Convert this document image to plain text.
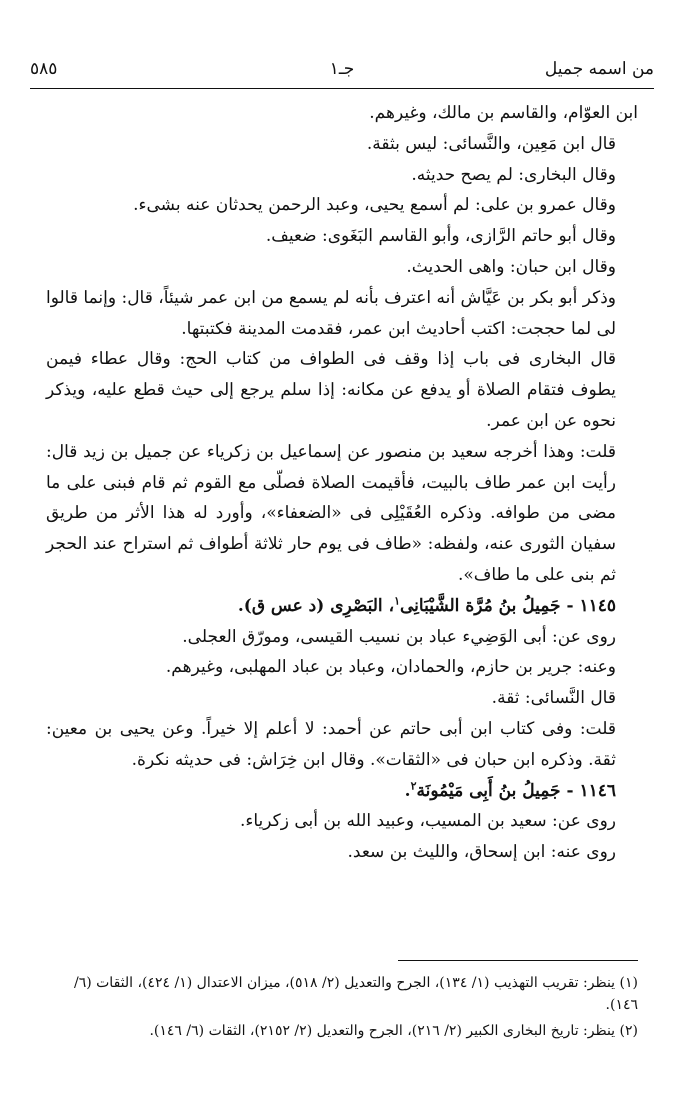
من اسمه جميل
جـ١
٥٨٥

ابن العوّام، والقاسم بن مالك، وغيرهم.

قال ابن مَعِين، والنَّسائى: ليس بثقة.

وقال البخارى: لم يصح حديثه.

وقال عمرو بن على: لم أسمع يحيى، وعبد الرحمن يحدثان عنه بشىء.

وقال أبو حاتم الرَّازى، وأبو القاسم البَغَوى: ضعيف.

وقال ابن حبان: واهى الحديث.

وذكر أبو بكر بن عَيَّاش أنه اعترف بأنه لم يسمع من ابن عمر شيئاً، قال: وإنما قالوا لى لما حججت: اكتب أحاديث ابن عمر، فقدمت المدينة فكتبتها.

قال البخارى فى باب إذا وقف فى الطواف من كتاب الحج: وقال عطاء فيمن يطوف فتقام الصلاة أو يدفع عن مكانه: إذا سلم يرجع إلى حيث قطع عليه، ويذكر نحوه عن ابن عمر.

قلت: وهذا أخرجه سعيد بن منصور عن إسماعيل بن زكرياء عن جميل بن زيد قال: رأيت ابن عمر طاف بالبيت، فأقيمت الصلاة فصلّى مع القوم ثم قام فبنى على ما مضى من طوافه. وذكره العُقَيْلِى فى «الضعفاء»، وأورد له هذا الأثر من طريق سفيان الثورى عنه، ولفظه: «طاف فى يوم حار ثلاثة أطواف ثم استراح عند الحجر ثم بنى على ما طاف».

١١٤٥ - جَمِيلُ بنُ مُرَّة الشَّيْبَانِى$^١$، البَصْرِى (د عس ق).

روى عن: أبى الوَضِيء عباد بن نسيب القيسى، ومورّق العجلى.

وعنه: جرير بن حازم، والحمادان، وعباد بن عباد المهلبى، وغيرهم.

قال النَّسائى: ثقة.

قلت: وفى كتاب ابن أبى حاتم عن أحمد: لا أعلم إلا خيراً. وعن يحيى بن معين: ثقة. وذكره ابن حبان فى «الثقات». وقال ابن خِرَاش: فى حديثه نكرة.

١١٤٦ - جَمِيلُ بنُ أَبِى مَيْمُونَة$^٢$.

روى عن: سعيد بن المسيب، وعبيد الله بن أبى زكرياء.

روى عنه: ابن إسحاق، والليث بن سعد.

(١) ينظر: تقريب التهذيب (١/ ١٣٤)، الجرح والتعديل (٢/ ٥١٨)، ميزان الاعتدال (١/ ٤٢٤)، الثقات (٦/ ١٤٦).

(٢) ينظر: تاريخ البخارى الكبير (٢/ ٢١٦)، الجرح والتعديل (٢/ ٢١٥٢)، الثقات (٦/ ١٤٦).
